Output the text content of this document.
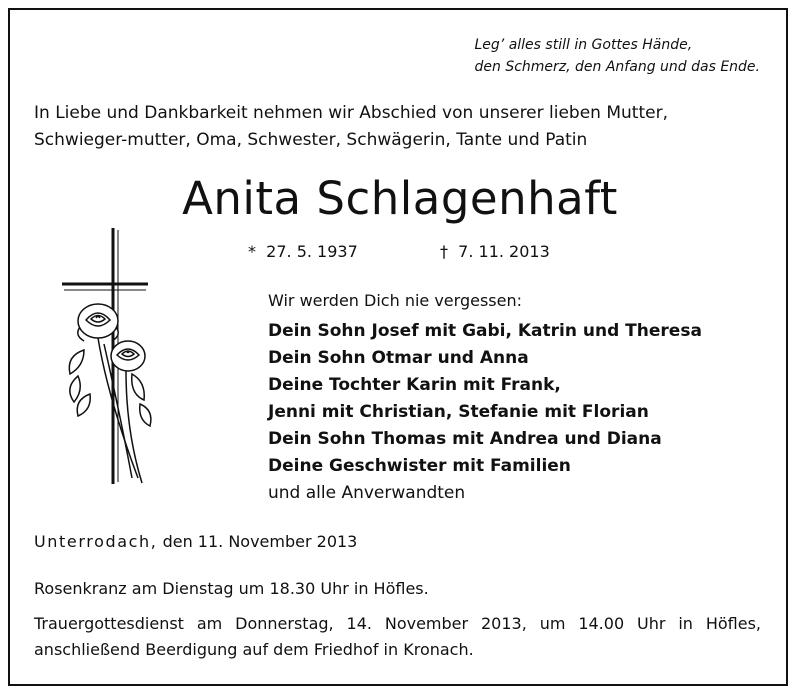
Leg’ alles still in Gottes Hände,
den Schmerz, den Anfang und das Ende.
In Liebe und Dankbarkeit nehmen wir Abschied von unserer lieben Mutter, Schwieger-mutter, Oma, Schwester, Schwägerin, Tante und Patin
Anita Schlagenhaft
* 27. 5. 1937	† 7. 11. 2013
Wir werden Dich nie vergessen:
Dein Sohn Josef mit Gabi, Katrin und Theresa
Dein Sohn Otmar und Anna
Deine Tochter Karin mit Frank,
Jenni mit Christian, Stefanie mit Florian
Dein Sohn Thomas mit Andrea und Diana
Deine Geschwister mit Familien
und alle Anverwandten
Unterrodach, den 11. November 2013
Rosenkranz am Dienstag um 18.30 Uhr in Höfles.
Trauergottesdienst am Donnerstag, 14. November 2013, um 14.00 Uhr in Höfles, anschließend Beerdigung auf dem Friedhof in Kronach.
